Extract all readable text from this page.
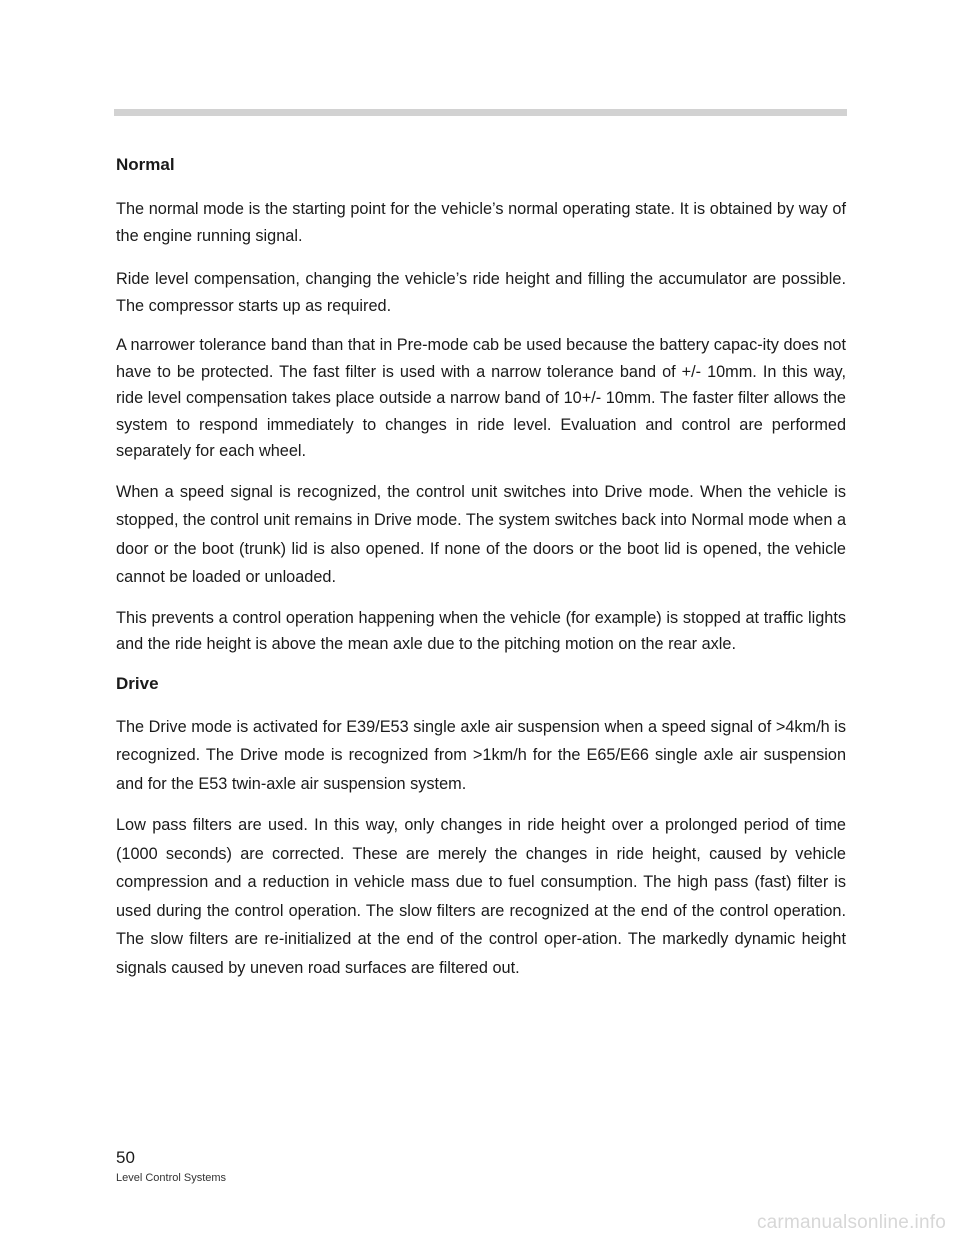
Normal

The normal mode is the starting point for the vehicle’s normal operating state. It is obtained by way of the engine running signal.

Ride level compensation, changing the vehicle’s ride height and filling the accumulator are possible. The compressor starts up as required.

A narrower tolerance band than that in Pre-mode cab be used because the battery capac-ity does not have to be protected. The fast filter is used with a narrow tolerance band of +/- 10mm. In this way, ride level compensation takes place outside a narrow band of 10+/- 10mm. The faster filter allows the system to respond immediately to changes in ride level. Evaluation and control are performed separately for each wheel.

When a speed signal is recognized, the control unit switches into Drive mode. When the vehicle is stopped, the control unit remains in Drive mode. The system switches back into Normal mode when a door or the boot (trunk) lid is also opened. If none of the doors or the boot lid is opened, the vehicle cannot be loaded or unloaded.

This prevents a control operation happening when the vehicle (for example) is stopped at traffic lights and the ride height is above the mean axle due to the pitching motion on the rear axle.

Drive

The Drive mode is activated for E39/E53 single axle air suspension when a speed signal of >4km/h is recognized. The Drive mode is recognized from >1km/h for the E65/E66 single axle air suspension and for the E53 twin-axle air suspension system.

Low pass filters are used. In this way, only changes in ride height over a prolonged period of time (1000 seconds) are corrected. These are merely the changes in ride height, caused by vehicle compression and a reduction in vehicle mass due to fuel consumption. The high pass (fast) filter is used during the control operation. The slow filters are recognized at the end of the control operation. The slow filters are re-initialized at the end of the control oper-ation. The markedly dynamic height signals caused by uneven road surfaces are filtered out.

50
Level Control Systems
carmanualsonline.info
